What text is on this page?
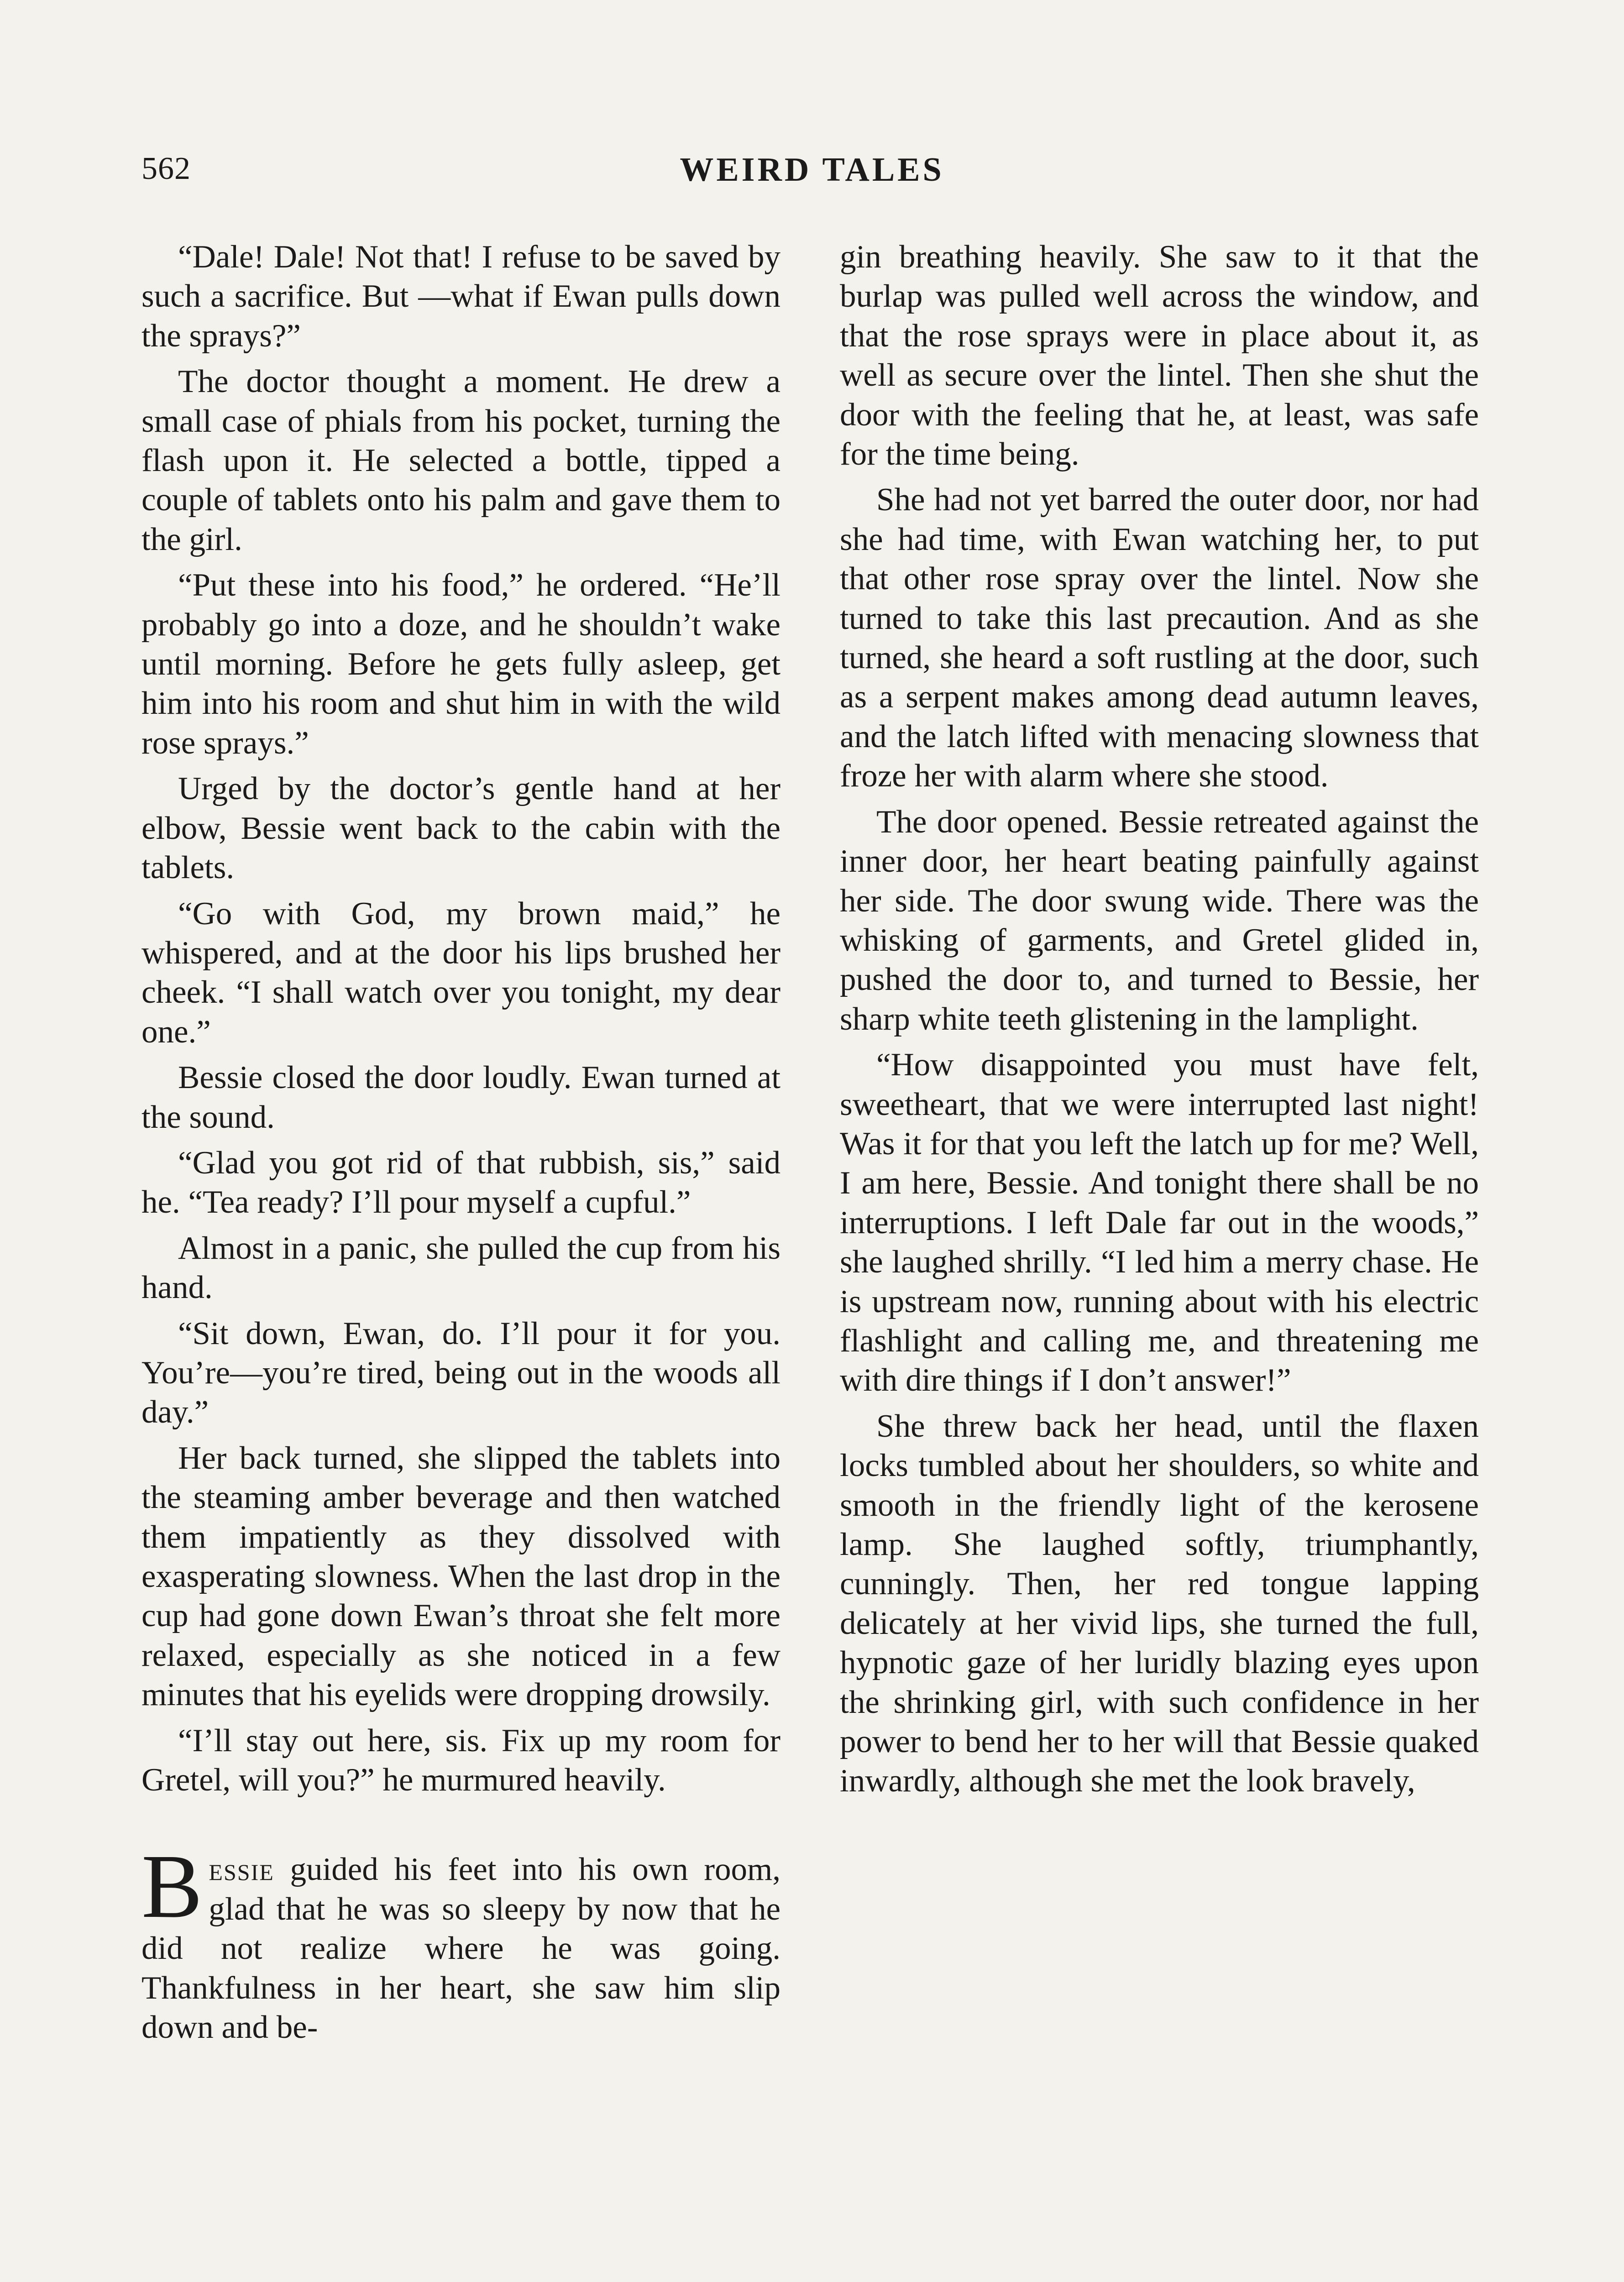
562	WEIRD TALES

“Dale! Dale! Not that! I refuse to be saved by such a sacrifice. But —what if Ewan pulls down the sprays?”

The doctor thought a moment. He drew a small case of phials from his pocket, turning the flash upon it. He selected a bottle, tipped a couple of tablets onto his palm and gave them to the girl.

“Put these into his food,” he ordered. “He’ll probably go into a doze, and he shouldn’t wake until morning. Before he gets fully asleep, get him into his room and shut him in with the wild rose sprays.”

Urged by the doctor’s gentle hand at her elbow, Bessie went back to the cabin with the tablets.

“Go with God, my brown maid,” he whispered, and at the door his lips brushed her cheek. “I shall watch over you tonight, my dear one.”

Bessie closed the door loudly. Ewan turned at the sound.

“Glad you got rid of that rubbish, sis,” said he. “Tea ready? I’ll pour myself a cupful.”

Almost in a panic, she pulled the cup from his hand.

“Sit down, Ewan, do. I’ll pour it for you. You’re—you’re tired, being out in the woods all day.”

Her back turned, she slipped the tablets into the steaming amber beverage and then watched them impatiently as they dissolved with exasperating slowness. When the last drop in the cup had gone down Ewan’s throat she felt more relaxed, especially as she noticed in a few minutes that his eyelids were dropping drowsily.

“I’ll stay out here, sis. Fix up my room for Gretel, will you?” he murmured heavily.

Bessie guided his feet into his own room, glad that he was so sleepy by now that he did not realize where he was going. Thankfulness in her heart, she saw him slip down and be-

gin breathing heavily. She saw to it that the burlap was pulled well across the window, and that the rose sprays were in place about it, as well as secure over the lintel. Then she shut the door with the feeling that he, at least, was safe for the time being.

She had not yet barred the outer door, nor had she had time, with Ewan watching her, to put that other rose spray over the lintel. Now she turned to take this last precaution. And as she turned, she heard a soft rustling at the door, such as a serpent makes among dead autumn leaves, and the latch lifted with menacing slowness that froze her with alarm where she stood.

The door opened. Bessie retreated against the inner door, her heart beating painfully against her side. The door swung wide. There was the whisking of garments, and Gretel glided in, pushed the door to, and turned to Bessie, her sharp white teeth glistening in the lamplight.

“How disappointed you must have felt, sweetheart, that we were interrupted last night! Was it for that you left the latch up for me? Well, I am here, Bessie. And tonight there shall be no interruptions. I left Dale far out in the woods,” she laughed shrilly. “I led him a merry chase. He is upstream now, running about with his electric flashlight and calling me, and threatening me with dire things if I don’t answer!”

She threw back her head, until the flaxen locks tumbled about her shoulders, so white and smooth in the friendly light of the kerosene lamp. She laughed softly, triumphantly, cunningly. Then, her red tongue lapping delicately at her vivid lips, she turned the full, hypnotic gaze of her luridly blazing eyes upon the shrinking girl, with such confidence in her power to bend her to her will that Bessie quaked inwardly, although she met the look bravely,
